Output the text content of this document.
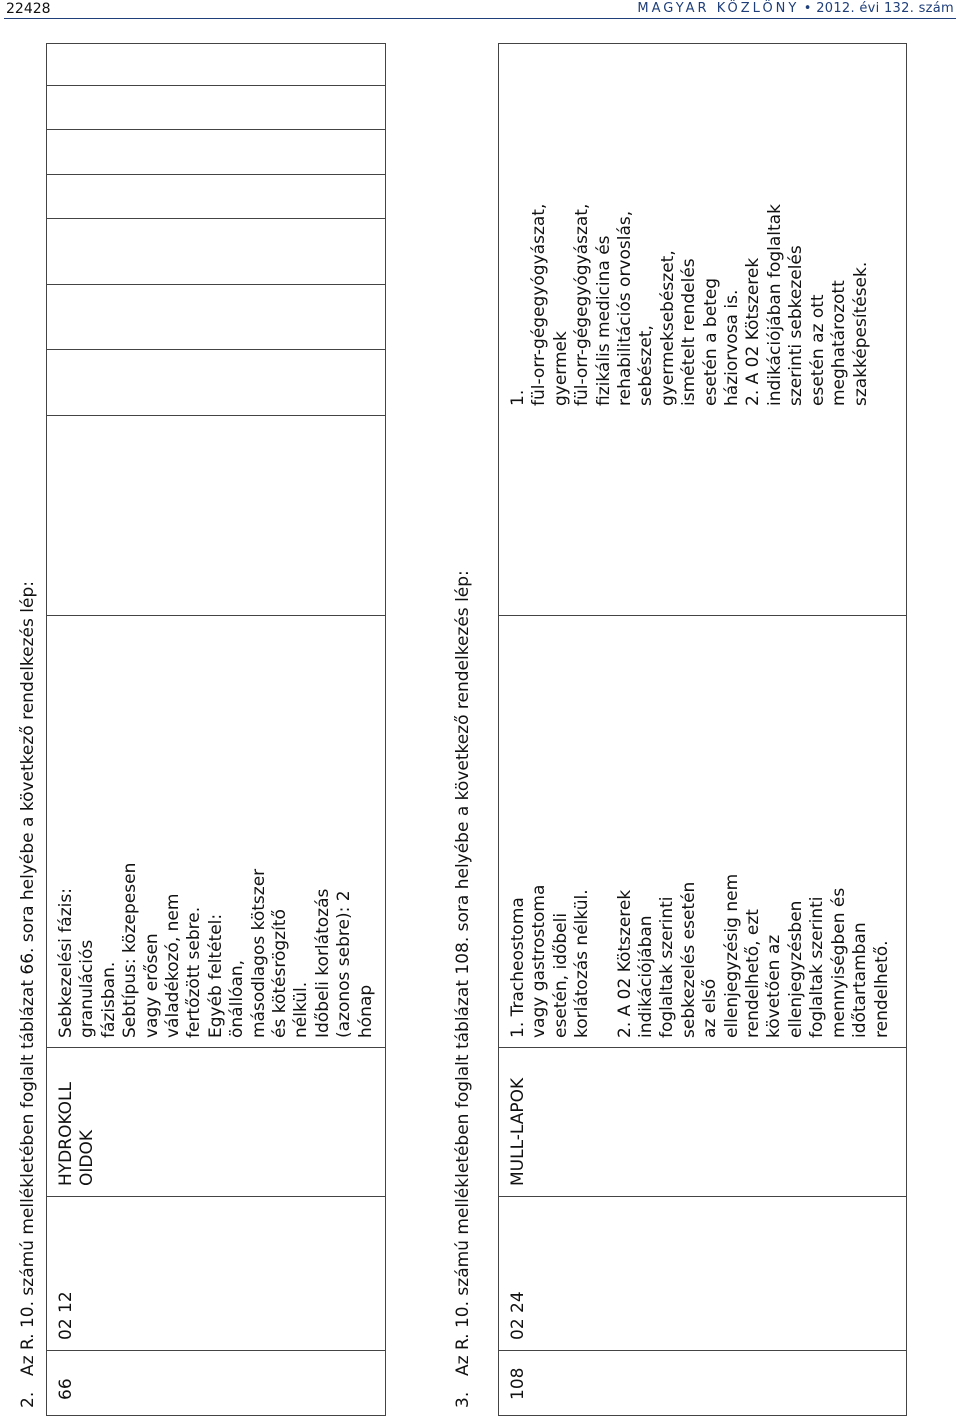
22428	MAGYAR KÖZLÖNY • 2012. évi 132. szám
2.Az R. 10. számú mellékletében foglalt táblázat 66. sora helyébe a következő rendelkezés lép:
66
02 12
HYDROKOLL OIDOK
Sebkezelési fázis: granulációs fázisban. Sebtípus: közepesen vagy erősen váladékozó, nem fertőzött sebre. Egyéb feltétel: önállóan, másodlagos kötszer és kötésrögzítő nélkül. Időbeli korlátozás (azonos sebre): 2 hónap
3.Az R. 10. számú mellékletében foglalt táblázat 108. sora helyébe a következő rendelkezés lép:
108
02 24
MULL-LAPOK
1. Tracheostoma vagy gastrostoma esetén, időbeli korlátozás nélkül. 2. A 02 Kötszerek indikációjában foglaltak szerinti sebkezelés esetén az első ellenjegyzésig nem rendelhető, ezt követően az ellenjegyzésben foglaltak szerinti mennyiségben és időtartamban rendelhető.
1. fül-orr-gégegyógyászat, gyermek fül-orr-gégegyógyászat, fizikális medicina és rehabilitációs orvoslás, sebészet, gyermeksebészet, ismételt rendelés esetén a beteg háziorvosa is. 2. A 02 Kötszerek indikációjában foglaltak szerinti sebkezelés esetén az ott meghatározott szakképesítések.
